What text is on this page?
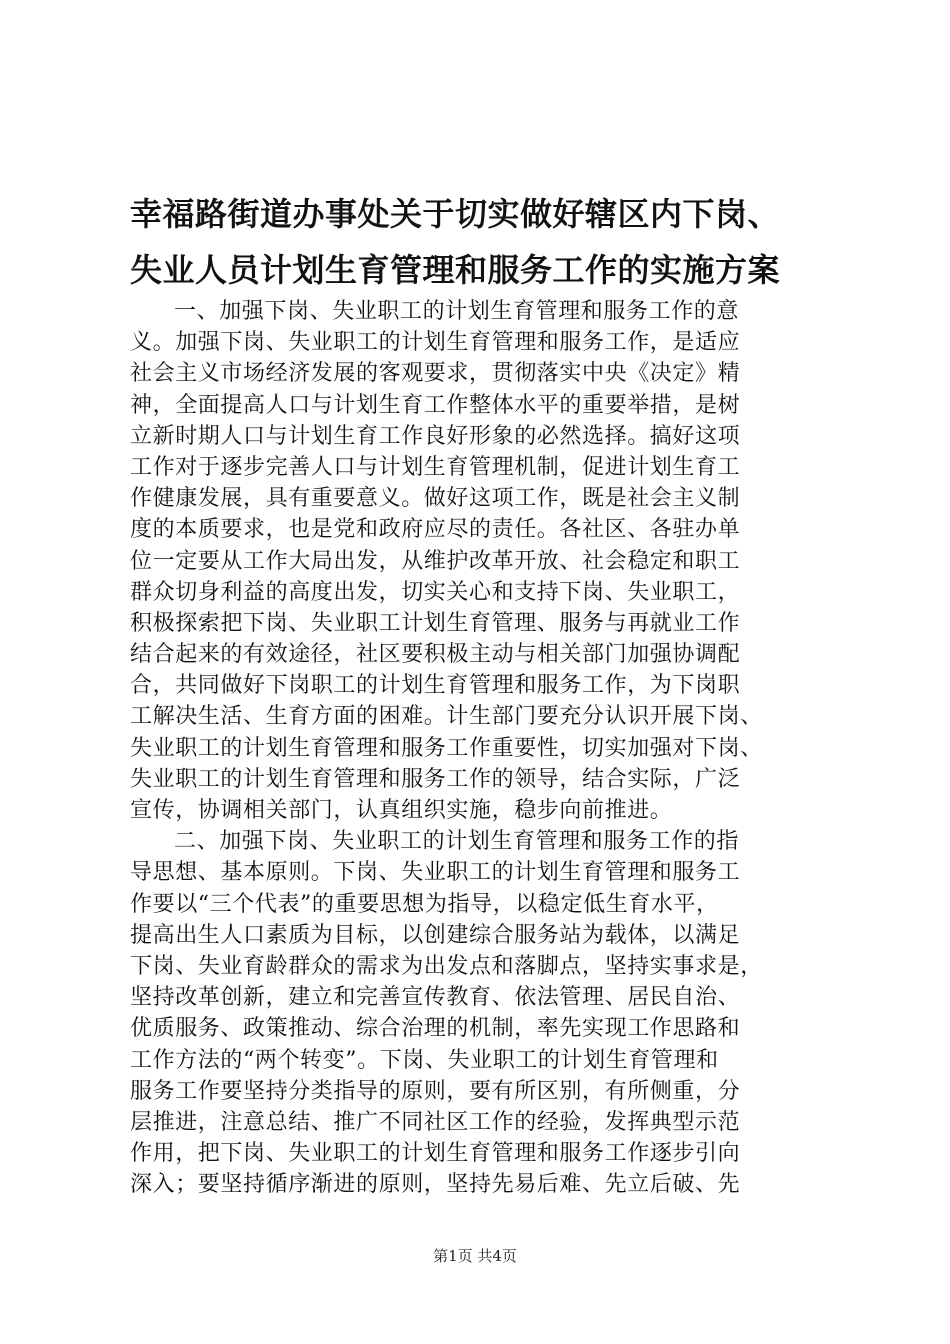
幸福路街道办事处关于切实做好辖区内下岗、
失业人员计划生育管理和服务工作的实施方案
一、加强下岗、失业职工的计划生育管理和服务工作的意
义。加强下岗、失业职工的计划生育管理和服务工作，是适应
社会主义市场经济发展的客观要求，贯彻落实中央《决定》精
神，全面提高人口与计划生育工作整体水平的重要举措，是树
立新时期人口与计划生育工作良好形象的必然选择。搞好这项
工作对于逐步完善人口与计划生育管理机制，促进计划生育工
作健康发展，具有重要意义。做好这项工作，既是社会主义制
度的本质要求，也是党和政府应尽的责任。各社区、各驻办单
位一定要从工作大局出发，从维护改革开放、社会稳定和职工
群众切身利益的高度出发，切实关心和支持下岗、失业职工，
积极探索把下岗、失业职工计划生育管理、服务与再就业工作
结合起来的有效途径，社区要积极主动与相关部门加强协调配
合，共同做好下岗职工的计划生育管理和服务工作，为下岗职
工解决生活、生育方面的困难。计生部门要充分认识开展下岗、
失业职工的计划生育管理和服务工作重要性，切实加强对下岗、
失业职工的计划生育管理和服务工作的领导，结合实际，广泛
宣传，协调相关部门，认真组织实施，稳步向前推进。
二、加强下岗、失业职工的计划生育管理和服务工作的指
导思想、基本原则。下岗、失业职工的计划生育管理和服务工
作要以“三个代表”的重要思想为指导，以稳定低生育水平，
提高出生人口素质为目标，以创建综合服务站为载体，以满足
下岗、失业育龄群众的需求为出发点和落脚点，坚持实事求是，
坚持改革创新，建立和完善宣传教育、依法管理、居民自治、
优质服务、政策推动、综合治理的机制，率先实现工作思路和
工作方法的“两个转变”。下岗、失业职工的计划生育管理和
服务工作要坚持分类指导的原则，要有所区别，有所侧重，分
层推进，注意总结、推广不同社区工作的经验，发挥典型示范
作用，把下岗、失业职工的计划生育管理和服务工作逐步引向
深入；要坚持循序渐进的原则，坚持先易后难、先立后破、先
第1页 共4页
